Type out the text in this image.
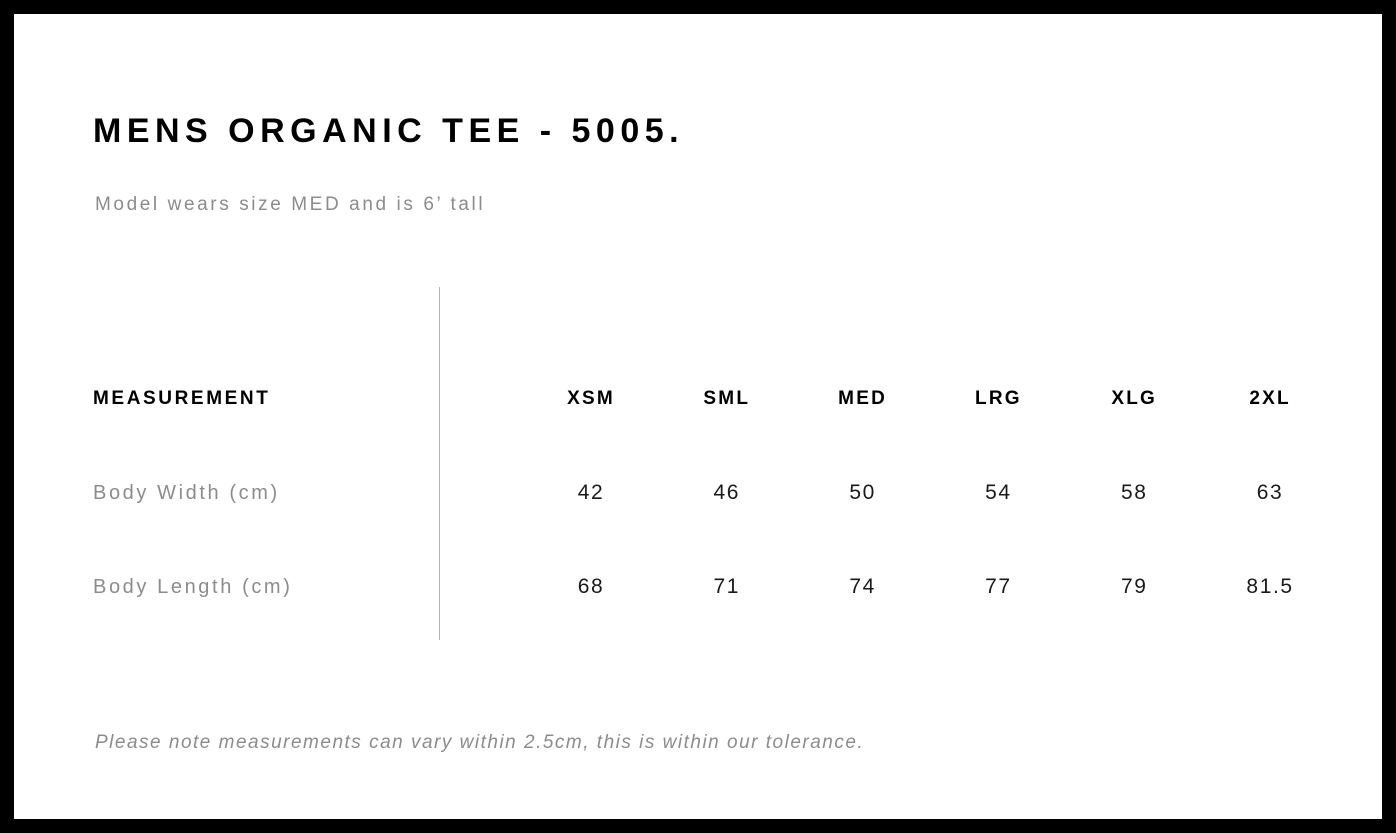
MENS ORGANIC TEE - 5005.
Model wears size MED and is 6’ tall
MEASUREMENT	XSM	SML	MED	LRG	XLG	2XL
Body Width (cm)	42	46	50	54	58	63
Body Length (cm)	68	71	74	77	79	81.5
Please note measurements can vary within 2.5cm, this is within our tolerance.
